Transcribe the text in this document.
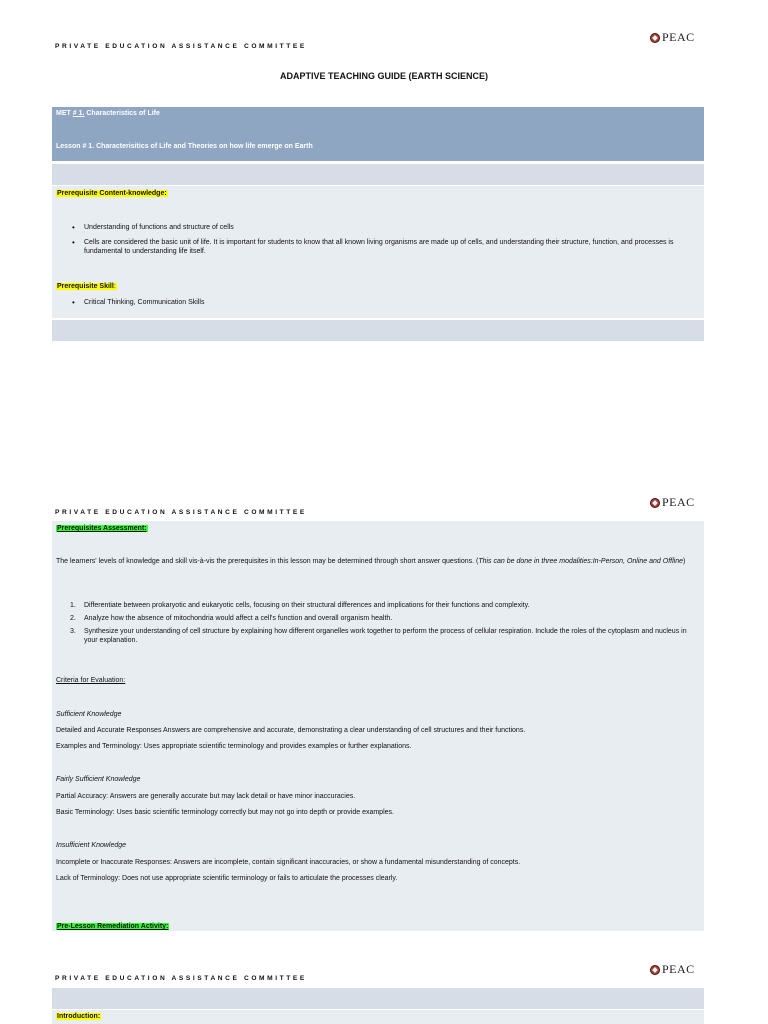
PRIVATE EDUCATION ASSISTANCE COMMITTEE
PEAC
ADAPTIVE TEACHING GUIDE (EARTH SCIENCE)
MET # 1. Characteristics of Life
Lesson # 1. Characterisitics of Life and Theories on how life emerge on Earth
Prerequisite Content-knowledge:
• Understanding of functions and structure of cells
• Cells are considered the basic unit of life. It is important for students to know that all known living organisms are made up of cells, and understanding their structure, function, and processes is fundamental to understanding life itself.
Prerequisite Skill:
• Critical Thinking, Communication Skills
PRIVATE EDUCATION ASSISTANCE COMMITTEE
PEAC
Prerequisites Assessment:
The learners' levels of knowledge and skill vis-à-vis the prerequisites in this lesson may be determined through short answer questions. (This can be done in three modalities:In-Person, Online and Offline)
1. Differentiate between prokaryotic and eukaryotic cells, focusing on their structural differences and implications for their functions and complexity.
2. Analyze how the absence of mitochondria would affect a cell's function and overall organism health.
3. Synthesize your understanding of cell structure by explaining how different organelles work together to perform the process of cellular respiration. Include the roles of the cytoplasm and nucleus in your explanation.
Criteria for Evaluation:
Sufficient Knowledge
Detailed and Accurate Responses Answers are comprehensive and accurate, demonstrating a clear understanding of cell structures and their functions.
Examples and Terminology: Uses appropriate scientific terminology and provides examples or further explanations.
Fairly Sufficient Knowledge
Partial Accuracy: Answers are generally accurate but may lack detail or have minor inaccuracies.
Basic Terminology: Uses basic scientific terminology correctly but may not go into depth or provide examples.
Insufficient Knowledge
Incomplete or Inaccurate Responses: Answers are incomplete, contain significant inaccuracies, or show a fundamental misunderstanding of concepts.
Lack of Terminology: Does not use appropriate scientific terminology or fails to articulate the processes clearly.
Pre-Lesson Remediation Activity:
PRIVATE EDUCATION ASSISTANCE COMMITTEE
PEAC
Introduction:
